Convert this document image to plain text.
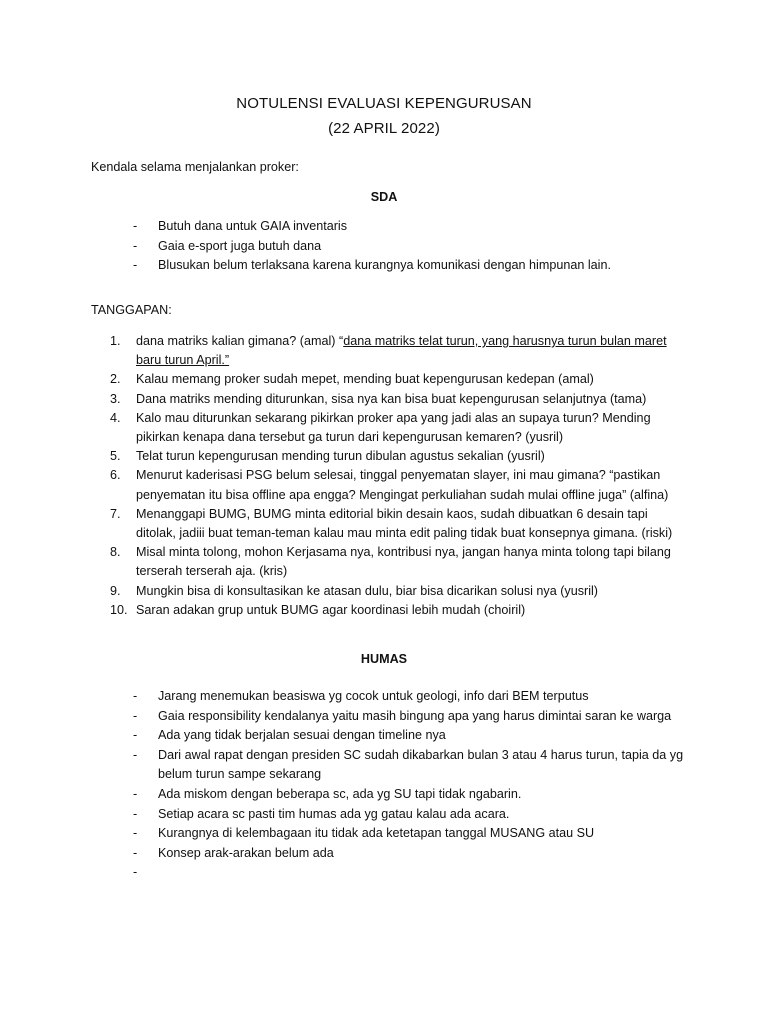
NOTULENSI EVALUASI KEPENGURUSAN
(22 APRIL 2022)
Kendala selama menjalankan proker:
SDA
- Butuh dana untuk GAIA inventaris
- Gaia e-sport juga butuh dana
- Blusukan belum terlaksana karena kurangnya komunikasi dengan himpunan lain.
TANGGAPAN:
1. dana matriks kalian gimana? (amal) “dana matriks telat turun, yang harusnya turun bulan maret baru turun April.”
2. Kalau memang proker sudah mepet, mending buat kepengurusan kedepan (amal)
3. Dana matriks mending diturunkan, sisa nya kan bisa buat kepengurusan selanjutnya (tama)
4. Kalo mau diturunkan sekarang pikirkan proker apa yang jadi alas an supaya turun? Mending pikirkan kenapa dana tersebut ga turun dari kepengurusan kemaren? (yusril)
5. Telat turun kepengurusan mending turun dibulan agustus sekalian (yusril)
6. Menurut kaderisasi PSG belum selesai, tinggal penyematan slayer, ini mau gimana? “pastikan penyematan itu bisa offline apa engga? Mengingat perkuliahan sudah mulai offline juga” (alfina)
7. Menanggapi BUMG, BUMG minta editorial bikin desain kaos, sudah dibuatkan 6 desain tapi ditolak, jadiii buat teman-teman kalau mau minta edit paling tidak buat konsepnya gimana. (riski)
8. Misal minta tolong, mohon Kerjasama nya, kontribusi nya, jangan hanya minta tolong tapi bilang terserah terserah aja. (kris)
9. Mungkin bisa di konsultasikan ke atasan dulu, biar bisa dicarikan solusi nya (yusril)
10. Saran adakan grup untuk BUMG agar koordinasi lebih mudah (choiril)
HUMAS
- Jarang menemukan beasiswa yg cocok untuk geologi, info dari BEM terputus
- Gaia responsibility kendalanya yaitu masih bingung apa yang harus dimintai saran ke warga
- Ada yang tidak berjalan sesuai dengan timeline nya
- Dari awal rapat dengan presiden SC sudah dikabarkan bulan 3 atau 4 harus turun, tapia da yg belum turun sampe sekarang
- Ada miskom dengan beberapa sc, ada yg SU tapi tidak ngabarin.
- Setiap acara sc pasti tim humas ada yg gatau kalau ada acara.
- Kurangnya di kelembagaan itu tidak ada ketetapan tanggal MUSANG atau SU
- Konsep arak-arakan belum ada
-
